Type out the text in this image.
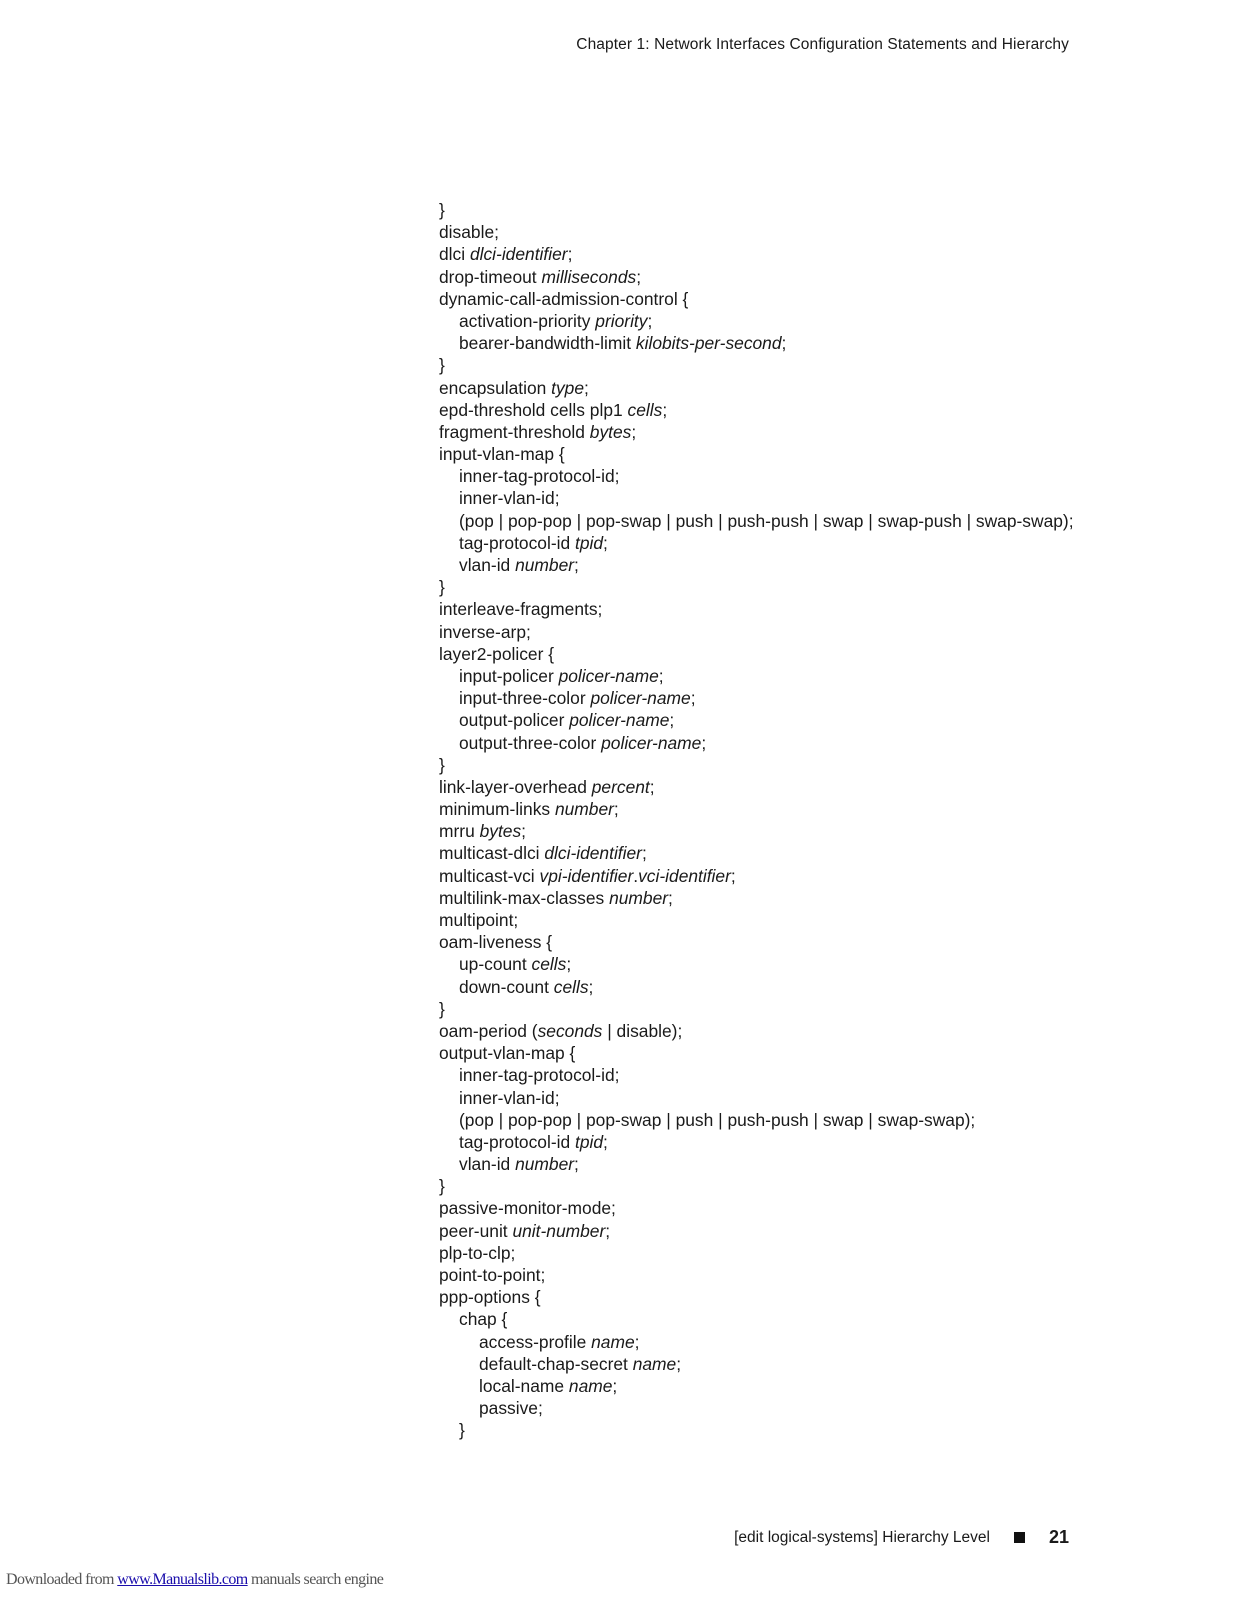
Chapter 1: Network Interfaces Configuration Statements and Hierarchy
}
disable;
dlci dlci-identifier;
drop-timeout milliseconds;
dynamic-call-admission-control {
activation-priority priority;
bearer-bandwidth-limit kilobits-per-second;
}
encapsulation type;
epd-threshold cells plp1 cells;
fragment-threshold bytes;
input-vlan-map {
inner-tag-protocol-id;
inner-vlan-id;
(pop | pop-pop | pop-swap | push | push-push | swap | swap-push | swap-swap);
tag-protocol-id tpid;
vlan-id number;
}
interleave-fragments;
inverse-arp;
layer2-policer {
input-policer policer-name;
input-three-color policer-name;
output-policer policer-name;
output-three-color policer-name;
}
link-layer-overhead percent;
minimum-links number;
mrru bytes;
multicast-dlci dlci-identifier;
multicast-vci vpi-identifier.vci-identifier;
multilink-max-classes number;
multipoint;
oam-liveness {
up-count cells;
down-count cells;
}
oam-period (seconds | disable);
output-vlan-map {
inner-tag-protocol-id;
inner-vlan-id;
(pop | pop-pop | pop-swap | push | push-push | swap | swap-swap);
tag-protocol-id tpid;
vlan-id number;
}
passive-monitor-mode;
peer-unit unit-number;
plp-to-clp;
point-to-point;
ppp-options {
chap {
access-profile name;
default-chap-secret name;
local-name name;
passive;
}
[edit logical-systems] Hierarchy Level	21
Downloaded from www.Manualslib.com manuals search engine
